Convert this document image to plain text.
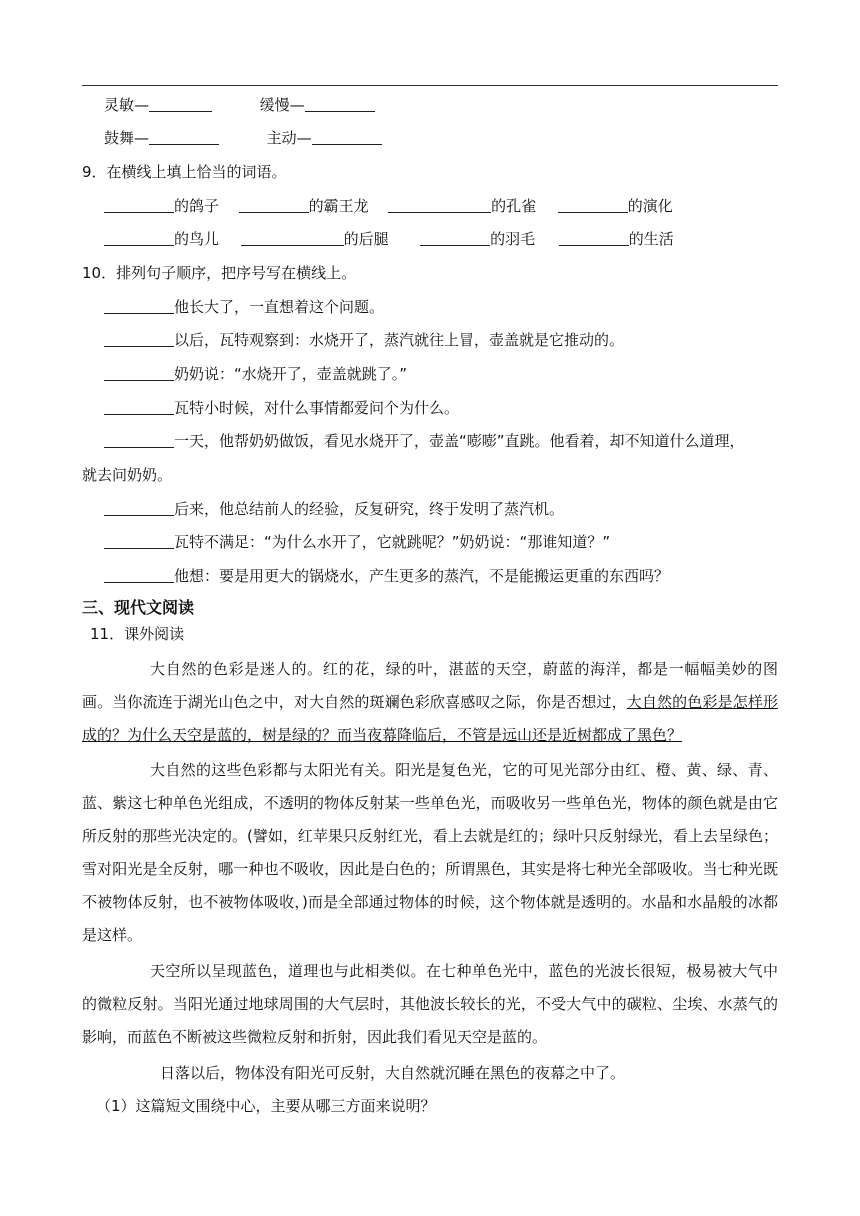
灵敏—	缓慢—
鼓舞—	主动—
9．在横线上填上恰当的词语。
的鸽子	的霸王龙	的孔雀	的演化
的鸟儿	的后腿	的羽毛	的生活
10．排列句子顺序，把序号写在横线上。
他长大了，一直想着这个问题。
以后，瓦特观察到：水烧开了，蒸汽就往上冒，壶盖就是它推动的。
奶奶说：“水烧开了，壶盖就跳了。”
瓦特小时候，对什么事情都爱问个为什么。
一天，他帮奶奶做饭，看见水烧开了，壶盖“嘭嘭”直跳。他看着，却不知道什么道理，
就去问奶奶。
后来，他总结前人的经验，反复研究，终于发明了蒸汽机。
瓦特不满足：“为什么水开了，它就跳呢？”奶奶说：“那谁知道？”
他想：要是用更大的锅烧水，产生更多的蒸汽，不是能搬运更重的东西吗？
三、现代文阅读
11．课外阅读
大自然的色彩是迷人的。红的花，绿的叶，湛蓝的天空，蔚蓝的海洋，都是一幅幅美妙的图画。当你流连于湖光山色之中，对大自然的斑斓色彩欣喜感叹之际，你是否想过，大自然的色彩是怎样形成的？为什么天空是蓝的，树是绿的？而当夜幕降临后，不管是远山还是近树都成了黑色？
大自然的这些色彩都与太阳光有关。阳光是复色光，它的可见光部分由红、橙、黄、绿、青、蓝、紫这七种单色光组成，不透明的物体反射某一些单色光，而吸收另一些单色光，物体的颜色就是由它所反射的那些光决定的。(譬如，红苹果只反射红光，看上去就是红的；绿叶只反射绿光，看上去呈绿色；雪对阳光是全反射，哪一种也不吸收，因此是白色的；所谓黑色，其实是将七种光全部吸收。当七种光既不被物体反射，也不被物体吸收，)而是全部通过物体的时候，这个物体就是透明的。水晶和水晶般的冰都是这样。
天空所以呈现蓝色，道理也与此相类似。在七种单色光中，蓝色的光波长很短，极易被大气中的微粒反射。当阳光通过地球周围的大气层时，其他波长较长的光，不受大气中的碳粒、尘埃、水蒸气的影响，而蓝色不断被这些微粒反射和折射，因此我们看见天空是蓝的。
日落以后，物体没有阳光可反射，大自然就沉睡在黑色的夜幕之中了。
（1）这篇短文围绕中心，主要从哪三方面来说明？
